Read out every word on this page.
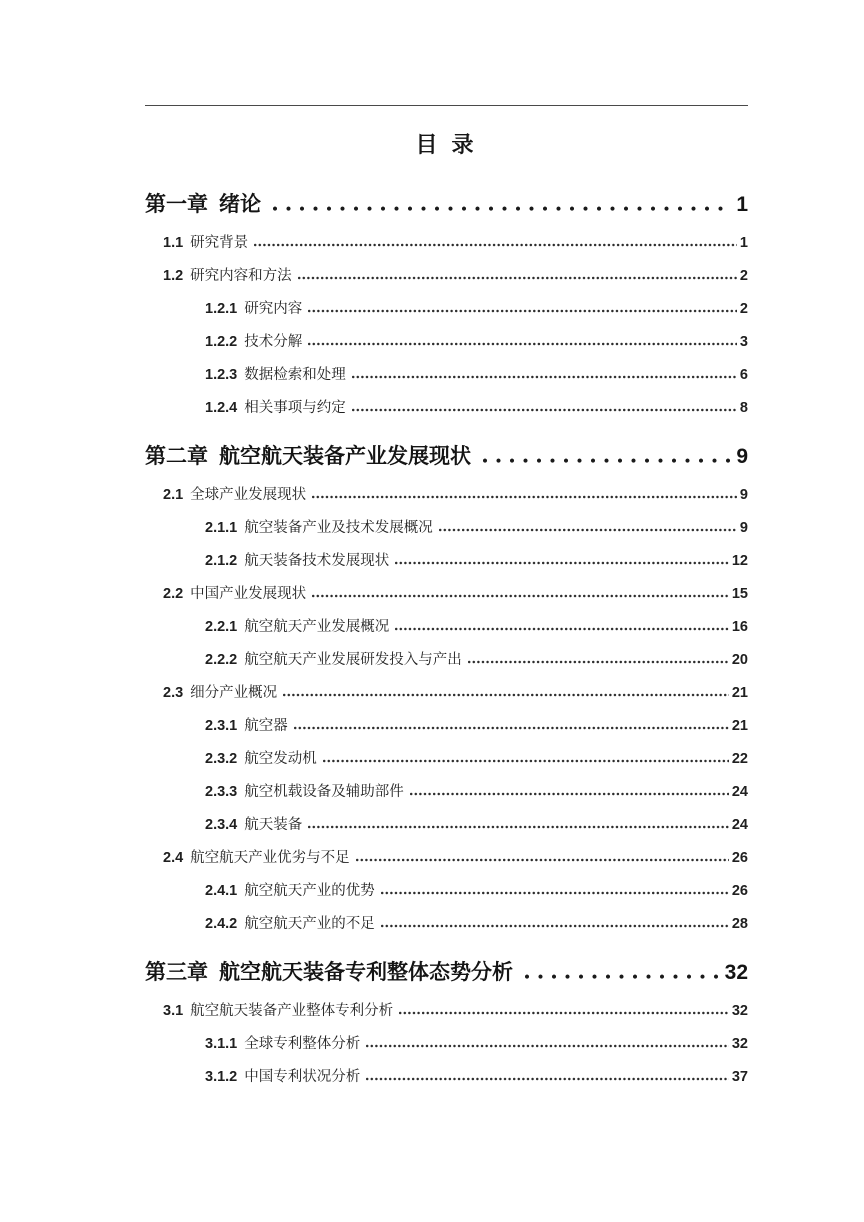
目 录
第一章 绪论	1
1.1 研究背景	1
1.2 研究内容和方法	2
1.2.1 研究内容	2
1.2.2 技术分解	3
1.2.3 数据检索和处理	6
1.2.4 相关事项与约定	8
第二章 航空航天装备产业发展现状	9
2.1 全球产业发展现状	9
2.1.1 航空装备产业及技术发展概况	9
2.1.2 航天装备技术发展现状	12
2.2 中国产业发展现状	15
2.2.1 航空航天产业发展概况	16
2.2.2 航空航天产业发展研发投入与产出	20
2.3 细分产业概况	21
2.3.1 航空器	21
2.3.2 航空发动机	22
2.3.3 航空机载设备及辅助部件	24
2.3.4 航天装备	24
2.4 航空航天产业优劣与不足	26
2.4.1 航空航天产业的优势	26
2.4.2 航空航天产业的不足	28
第三章 航空航天装备专利整体态势分析	32
3.1 航空航天装备产业整体专利分析	32
3.1.1 全球专利整体分析	32
3.1.2 中国专利状况分析	37
